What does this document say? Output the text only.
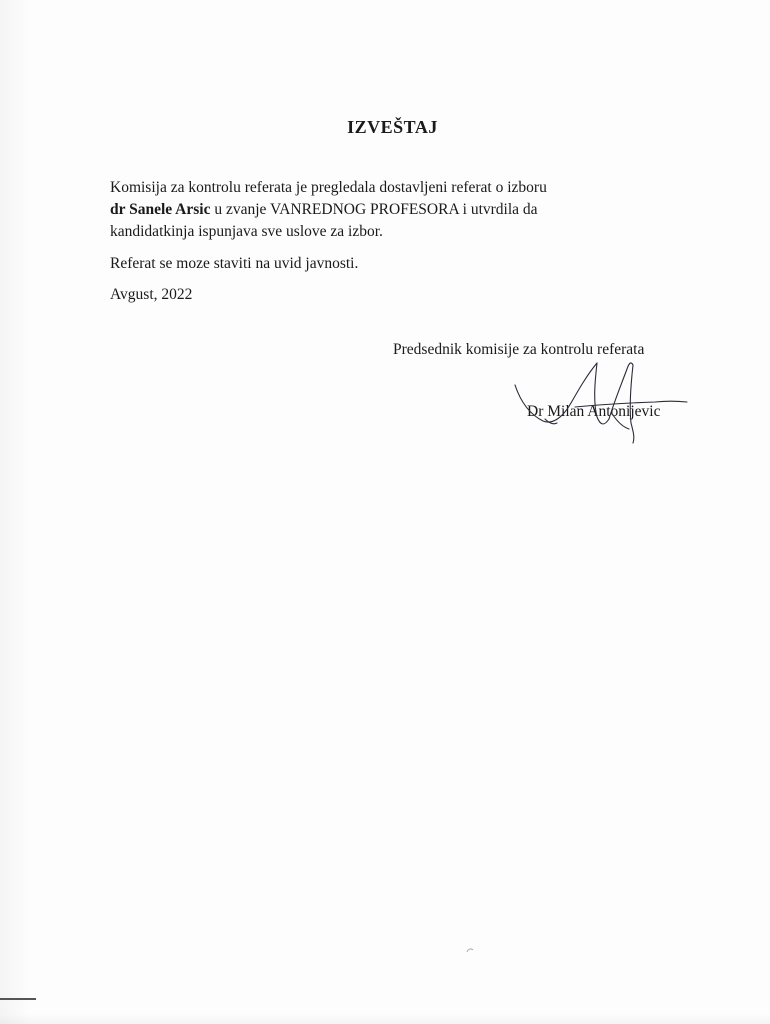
IZVEŠTAJ
Komisija za kontrolu referata je pregledala dostavljeni referat o izboru
dr Sanele Arsic u zvanje VANREDNOG PROFESORA i utvrdila da
kandidatkinja ispunjava sve uslove za izbor.
Referat se moze staviti na uvid javnosti.
Avgust, 2022
Predsednik komisije za kontrolu referata
Dr Milan Antonijevic
